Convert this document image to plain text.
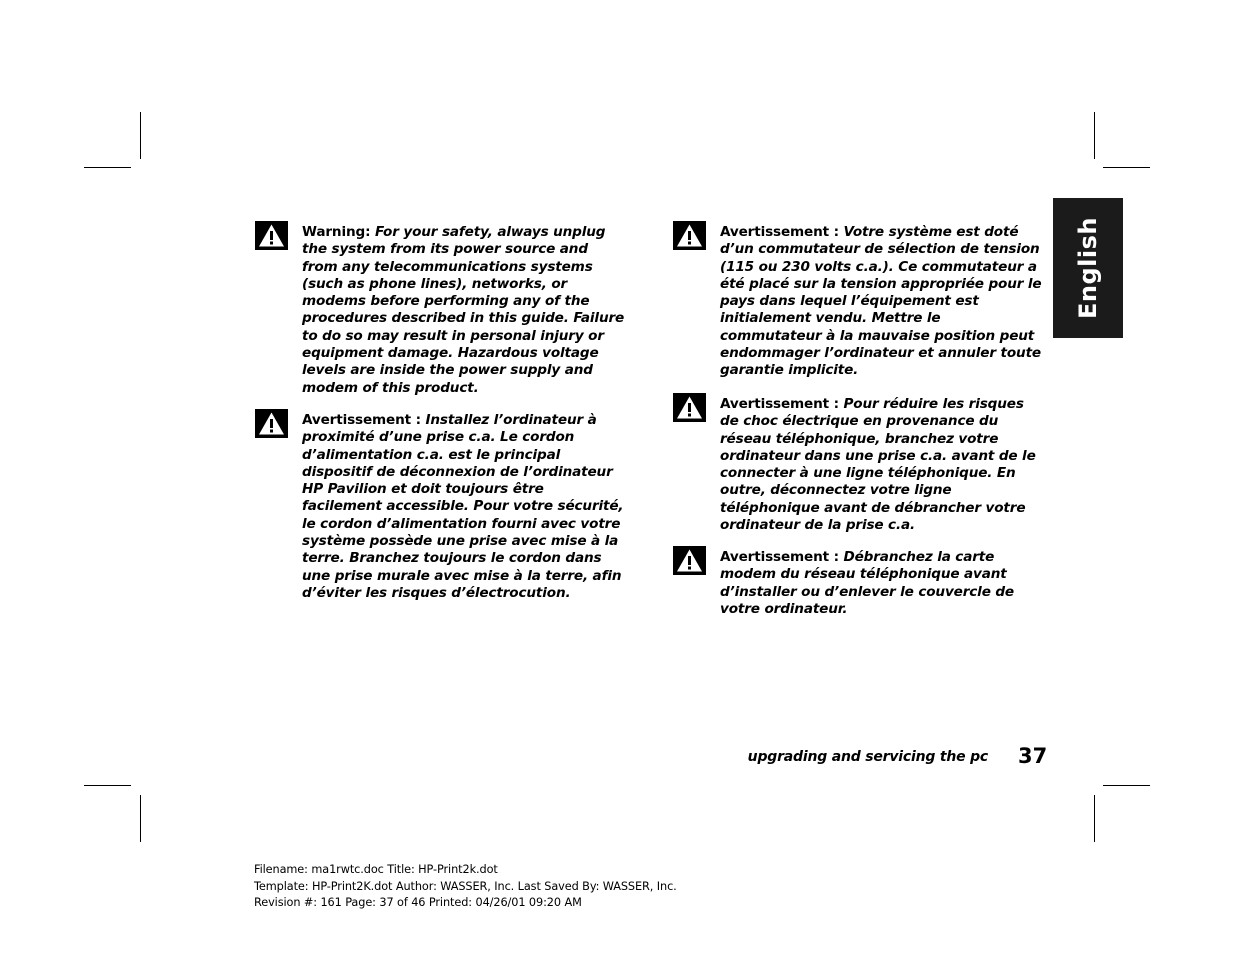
English

Warning: For your safety, always unplug the system from its power source and from any telecommunications systems (such as phone lines), networks, or modems before performing any of the procedures described in this guide. Failure to do so may result in personal injury or equipment damage. Hazardous voltage levels are inside the power supply and modem of this product.

Avertissement : Installez l’ordinateur à proximité d’une prise c.a. Le cordon d’alimentation c.a. est le principal dispositif de déconnexion de l’ordinateur HP Pavilion et doit toujours être facilement accessible. Pour votre sécurité, le cordon d’alimentation fourni avec votre système possède une prise avec mise à la terre. Branchez toujours le cordon dans une prise murale avec mise à la terre, afin d’éviter les risques d’électrocution.

Avertissement : Votre système est doté d’un commutateur de sélection de tension (115 ou 230 volts c.a.). Ce commutateur a été placé sur la tension appropriée pour le pays dans lequel l’équipement est initialement vendu. Mettre le commutateur à la mauvaise position peut endommager l’ordinateur et annuler toute garantie implicite.

Avertissement : Pour réduire les risques de choc électrique en provenance du réseau téléphonique, branchez votre ordinateur dans une prise c.a. avant de le connecter à une ligne téléphonique. En outre, déconnectez votre ligne téléphonique avant de débrancher votre ordinateur de la prise c.a.

Avertissement : Débranchez la carte modem du réseau téléphonique avant d’installer ou d’enlever le couvercle de votre ordinateur.

upgrading and servicing the pc 37
Filename: ma1rwtc.doc Title: HP-Print2k.dot
Template: HP-Print2K.dot Author: WASSER, Inc. Last Saved By: WASSER, Inc.
Revision #: 161 Page: 37 of 46 Printed: 04/26/01 09:20 AM
